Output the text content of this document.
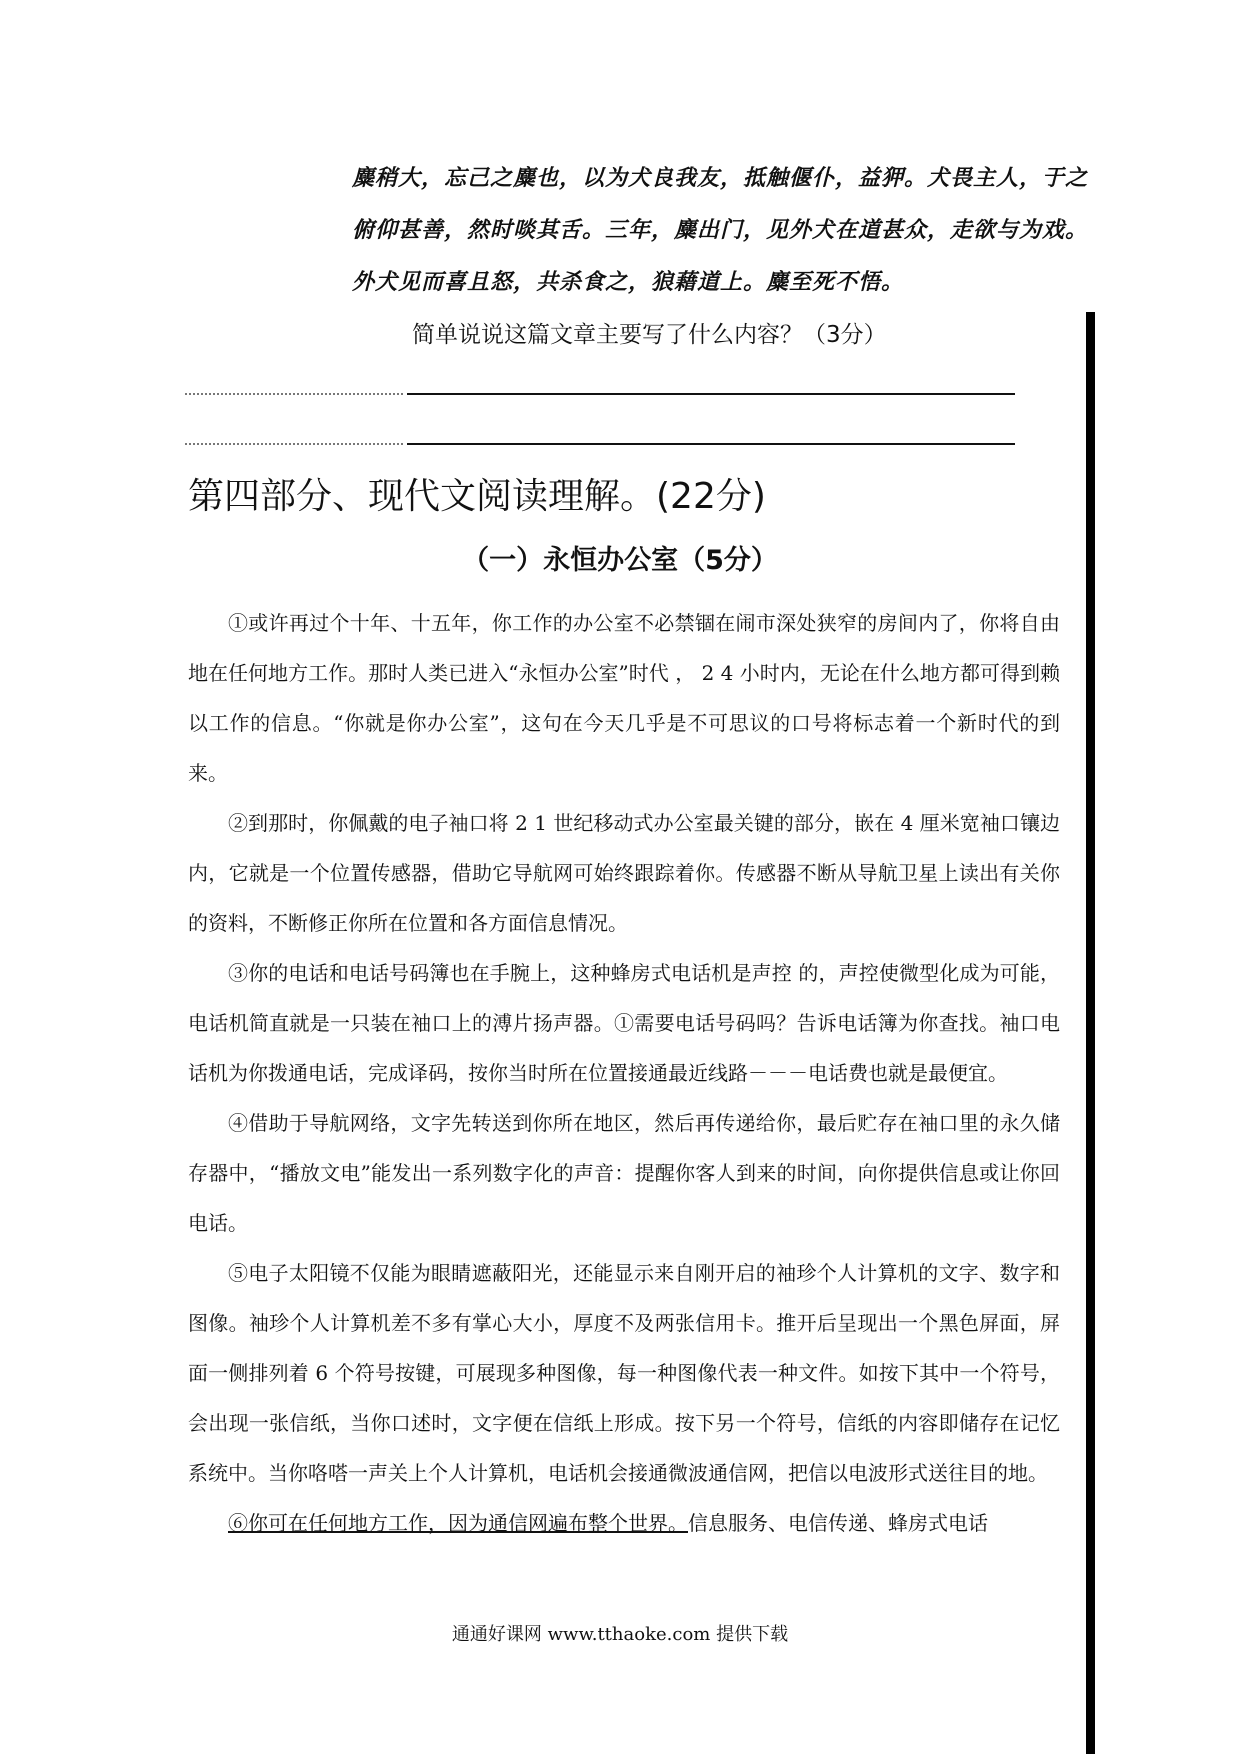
麋稍大，忘己之麋也，以为犬良我友，抵触偃仆，益狎。犬畏主人，于之
俯仰甚善，然时啖其舌。三年，麋出门，见外犬在道甚众，走欲与为戏。
外犬见而喜且怒，共杀食之，狼藉道上。麋至死不悟。
简单说说这篇文章主要写了什么内容？（3分）
第四部分、现代文阅读理解。(22分)
（一）永恒办公室（5分）

①或许再过个十年、十五年，你工作的办公室不必禁锢在闹市深处狭窄的房间内了，你将自由地在任何地方工作。那时人类已进入“永恒办公室”时代 ， 2 4 小时内，无论在什么地方都可得到赖以工作的信息。“你就是你办公室”，这句在今天几乎是不可思议的口号将标志着一个新时代的到来。

②到那时，你佩戴的电子袖口将 2 1 世纪移动式办公室最关键的部分，嵌在 4 厘米宽袖口镶边内，它就是一个位置传感器，借助它导航网可始终跟踪着你。传感器不断从导航卫星上读出有关你的资料，不断修正你所在位置和各方面信息情况。

③你的电话和电话号码簿也在手腕上，这种蜂房式电话机是声控 的，声控使微型化成为可能，电话机简直就是一只装在袖口上的溥片扬声器。①需要电话号码吗？告诉电话簿为你查找。袖口电话机为你拨通电话，完成译码，按你当时所在位置接通最近线路－－－电话费也就是最便宜。

④借助于导航网络，文字先转送到你所在地区，然后再传递给你，最后贮存在袖口里的永久储存器中，“播放文电”能发出一系列数字化的声音：提醒你客人到来的时间，向你提供信息或让你回电话。

⑤电子太阳镜不仅能为眼睛遮蔽阳光，还能显示来自刚开启的袖珍个人计算机的文字、数字和图像。袖珍个人计算机差不多有掌心大小，厚度不及两张信用卡。推开后呈现出一个黑色屏面，屏面一侧排列着 6 个符号按键，可展现多种图像，每一种图像代表一种文件。如按下其中一个符号，会出现一张信纸，当你口述时，文字便在信纸上形成。按下另一个符号，信纸的内容即储存在记忆系统中。当你咯嗒一声关上个人计算机，电话机会接通微波通信网，把信以电波形式送往目的地。

⑥你可在任何地方工作，因为通信网遍布整个世界。信息服务、电信传递、蜂房式电话

通通好课网 www.tthaoke.com 提供下载
